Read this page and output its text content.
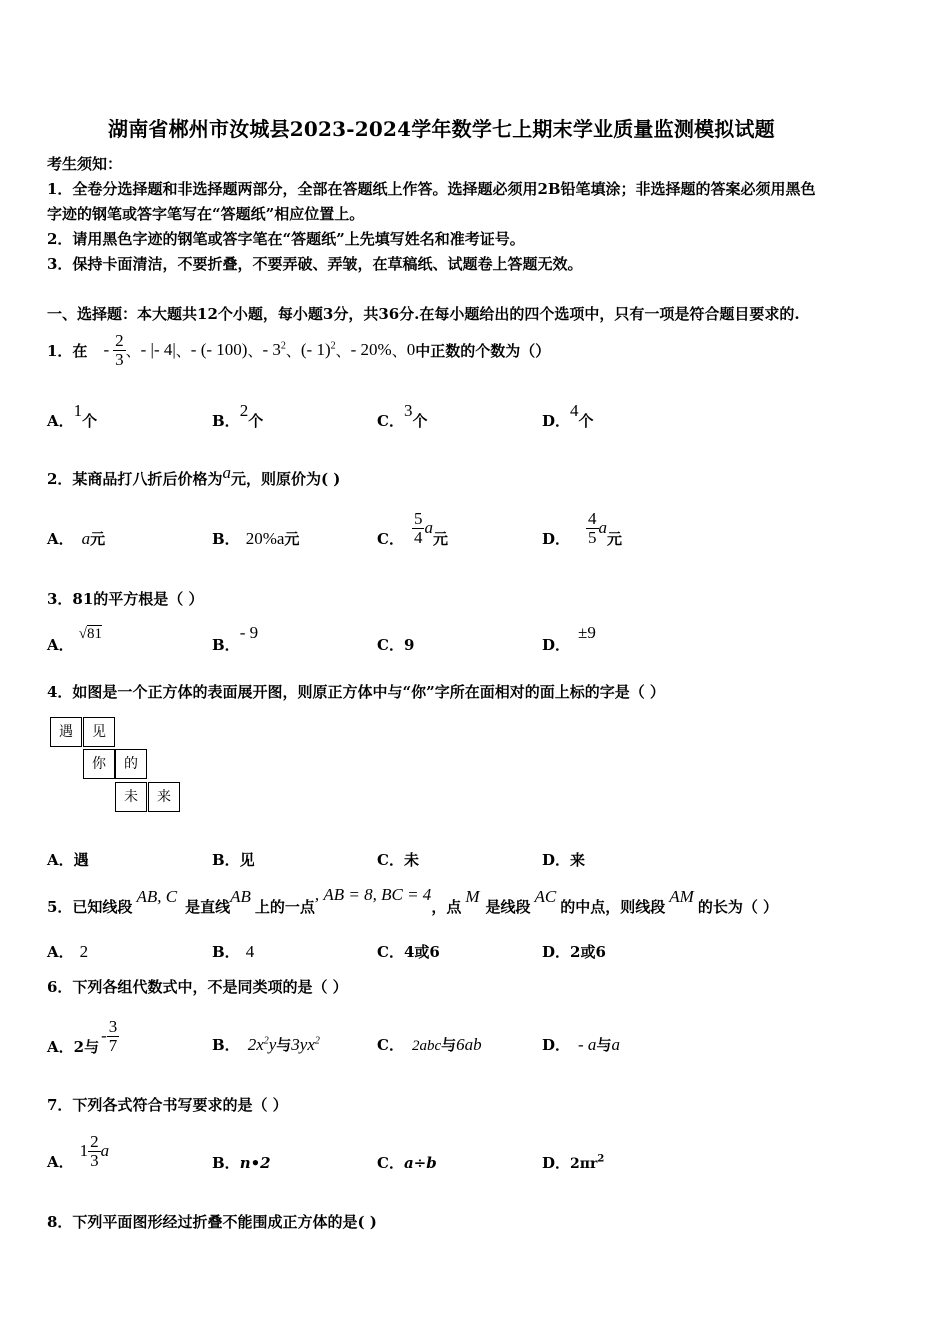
湖南省郴州市汝城县2023-2024学年数学七上期末学业质量监测模拟试题
考生须知：
1．全卷分选择题和非选择题两部分，全部在答题纸上作答。选择题必须用2B铅笔填涂；非选择题的答案必须用黑色
字迹的钢笔或答字笔写在“答题纸”相应位置上。
2．请用黑色字迹的钢笔或答字笔在“答题纸”上先填写姓名和准考证号。
3．保持卡面清洁，不要折叠，不要弄破、弄皱，在草稿纸、试题卷上答题无效。
一、选择题：本大题共12个小题，每小题3分，共36分.在每小题给出的四个选项中，只有一项是符合题目要求的.
1．在 - $\frac{2}{3}$ 、 - |- 4| 、 - (- 100) 、 - $3^2$ 、 (- 1)$^2$ 、 - 20% 、 0 中正数的个数为（）
A．1个	B．2个	C．3个	D．4个
2．某商品打八折后价格为a元，则原价为( )
A． a元	B． 20%a元	C． $\frac{5}{4}$ a
元	D． $\frac{4}{5}$ a
元
3．81的平方根是（ ）
A． √81
B．- 9
C．9	D．±9
4．如图是一个正方体的表面展开图，则原正方体中与“你”字所在面相对的面上标的字是（ ）
遇	见
你	的
未	来
A．遇	B．见	C．未	D．来
5．已知线段AB, C是直线AB上的一点, AB = 8, BC = 4，点M是线段AC的中点，则线段AM的长为（ ）
A． 2	B． 4	C．4或6	D．2或6
6．下列各组代数式中，不是同类项的是（ ）
A．2与
- $\frac{3}{7}$	B． $2x^2y$与$3yx^2$	C． 2abc与6ab	D． - a与a
7．下列各式符合书写要求的是（ ）
A．
$1 \frac{2}{3}$ a
B．n•2	C．a÷b	D．$2\pi r^2$
8．下列平面图形经过折叠不能围成正方体的是( )
